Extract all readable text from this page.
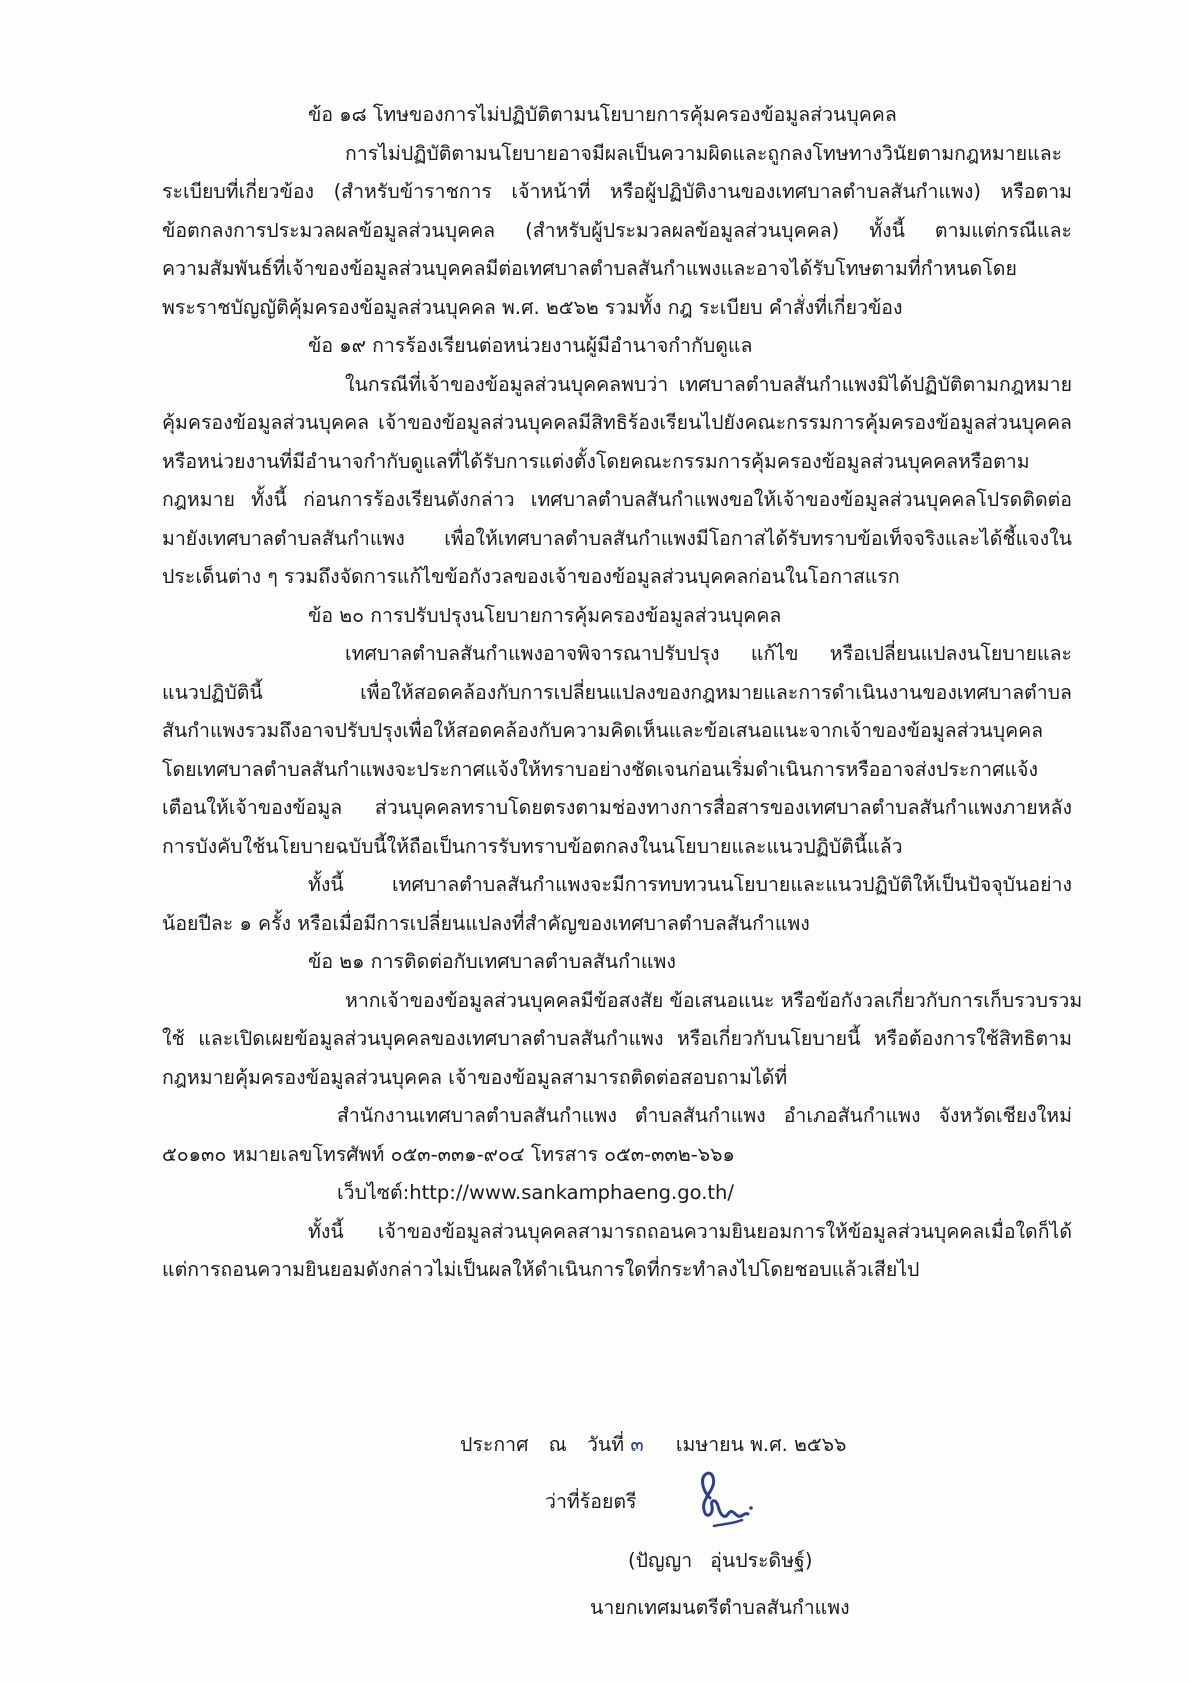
ข้อ ๑๘ โทษของการไม่ปฏิบัติตามนโยบายการคุ้มครองข้อมูลส่วนบุคคล
การไม่ปฏิบัติตามนโยบายอาจมีผลเป็นความผิดและถูกลงโทษทางวินัยตามกฎหมายและ
ระเบียบที่เกี่ยวข้อง (สำหรับข้าราชการ เจ้าหน้าที่ หรือผู้ปฏิบัติงานของเทศบาลตำบลสันกำแพง) หรือตาม
ข้อตกลงการประมวลผลข้อมูลส่วนบุคคล (สำหรับผู้ประมวลผลข้อมูลส่วนบุคคล) ทั้งนี้ ตามแต่กรณีและ
ความสัมพันธ์ที่เจ้าของข้อมูลส่วนบุคคลมีต่อเทศบาลตำบลสันกำแพงและอาจได้รับโทษตามที่กำหนดโดย
พระราชบัญญัติคุ้มครองข้อมูลส่วนบุคคล พ.ศ. ๒๕๖๒ รวมทั้ง กฎ ระเบียบ คำสั่งที่เกี่ยวข้อง
ข้อ ๑๙ การร้องเรียนต่อหน่วยงานผู้มีอำนาจกำกับดูแล
ในกรณีที่เจ้าของข้อมูลส่วนบุคคลพบว่า เทศบาลตำบลสันกำแพงมิได้ปฏิบัติตามกฎหมาย
คุ้มครองข้อมูลส่วนบุคคล เจ้าของข้อมูลส่วนบุคคลมีสิทธิร้องเรียนไปยังคณะกรรมการคุ้มครองข้อมูลส่วนบุคคล
หรือหน่วยงานที่มีอำนาจกำกับดูแลที่ได้รับการแต่งตั้งโดยคณะกรรมการคุ้มครองข้อมูลส่วนบุคคลหรือตาม
กฎหมาย ทั้งนี้ ก่อนการร้องเรียนดังกล่าว เทศบาลตำบลสันกำแพงขอให้เจ้าของข้อมูลส่วนบุคคลโปรดติดต่อ
มายังเทศบาลตำบลสันกำแพง เพื่อให้เทศบาลตำบลสันกำแพงมีโอกาสได้รับทราบข้อเท็จจริงและได้ชี้แจงใน
ประเด็นต่าง ๆ รวมถึงจัดการแก้ไขข้อกังวลของเจ้าของข้อมูลส่วนบุคคลก่อนในโอกาสแรก
ข้อ ๒๐ การปรับปรุงนโยบายการคุ้มครองข้อมูลส่วนบุคคล
เทศบาลตำบลสันกำแพงอาจพิจารณาปรับปรุง แก้ไข หรือเปลี่ยนแปลงนโยบายและ
แนวปฏิบัตินี้ เพื่อให้สอดคล้องกับการเปลี่ยนแปลงของกฎหมายและการดำเนินงานของเทศบาลตำบล
สันกำแพงรวมถึงอาจปรับปรุงเพื่อให้สอดคล้องกับความคิดเห็นและข้อเสนอแนะจากเจ้าของข้อมูลส่วนบุคคล
โดยเทศบาลตำบลสันกำแพงจะประกาศแจ้งให้ทราบอย่างชัดเจนก่อนเริ่มดำเนินการหรืออาจส่งประกาศแจ้ง
เตือนให้เจ้าของข้อมูล ส่วนบุคคลทราบโดยตรงตามช่องทางการสื่อสารของเทศบาลตำบลสันกำแพงภายหลัง
การบังคับใช้นโยบายฉบับนี้ให้ถือเป็นการรับทราบข้อตกลงในนโยบายและแนวปฏิบัตินี้แล้ว
ทั้งนี้ เทศบาลตำบลสันกำแพงจะมีการทบทวนนโยบายและแนวปฏิบัติให้เป็นปัจจุบันอย่าง
น้อยปีละ ๑ ครั้ง หรือเมื่อมีการเปลี่ยนแปลงที่สำคัญของเทศบาลตำบลสันกำแพง
ข้อ ๒๑ การติดต่อกับเทศบาลตำบลสันกำแพง
หากเจ้าของข้อมูลส่วนบุคคลมีข้อสงสัย ข้อเสนอแนะ หรือข้อกังวลเกี่ยวกับการเก็บรวบรวม
ใช้ และเปิดเผยข้อมูลส่วนบุคคลของเทศบาลตำบลสันกำแพง หรือเกี่ยวกับนโยบายนี้ หรือต้องการใช้สิทธิตาม
กฎหมายคุ้มครองข้อมูลส่วนบุคคล เจ้าของข้อมูลสามารถติดต่อสอบถามได้ที่
สำนักงานเทศบาลตำบลสันกำแพง ตำบลสันกำแพง อำเภอสันกำแพง จังหวัดเชียงใหม่
๕๐๑๓๐ หมายเลขโทรศัพท์ ๐๕๓-๓๓๑-๙๐๔ โทรสาร ๐๕๓-๓๓๒-๖๖๑
เว็บไซต์:http://www.sankamphaeng.go.th/
ทั้งนี้ เจ้าของข้อมูลส่วนบุคคลสามารถถอนความยินยอมการให้ข้อมูลส่วนบุคคลเมื่อใดก็ได้
แต่การถอนความยินยอมดังกล่าวไม่เป็นผลให้ดำเนินการใดที่กระทำลงไปโดยชอบแล้วเสียไป
ประกาศ ณ วันที่ ๓ เมษายน พ.ศ. ๒๕๖๖
ว่าที่ร้อยตรี
(ปัญญา อุ่นประดิษฐ์)
นายกเทศมนตรีตำบลสันกำแพง
